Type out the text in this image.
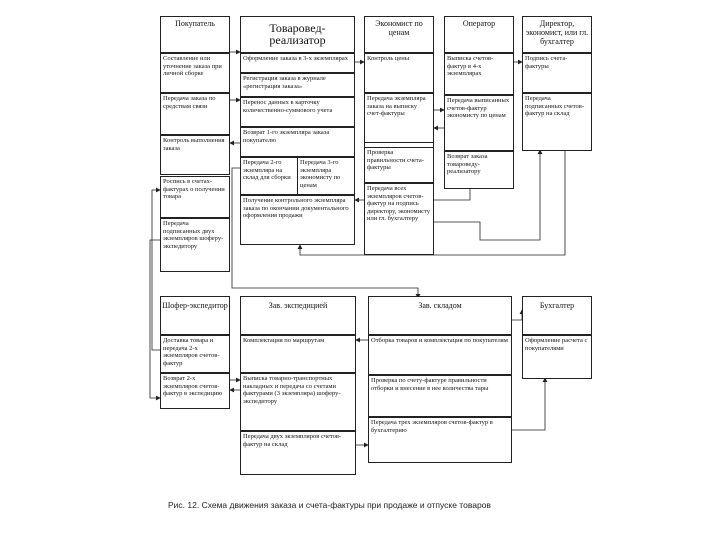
Покупатель
Составление или уточнение заказа при личной сборке
Передача заказа по средствам связи
Контроль выполнения заказа
Роспись в счетах-фактурах о получении товара
Передача подписанных двух экземпляров шоферу-экспедитору
Товаровед-реализатор
Оформление заказа в 3-х экземплярах
Регистрация заказа в журнале «регистрация заказа»
Перенос данных в карточку количественно-суммового учета
Возврат 1-го экземпляра заказа покупателю
Передача 2-го экземпляра на склад для сборки
Передача 3-го экземпляра экономисту по ценам
Получение контрольного экземпляра заказа по окончании документального оформления продажи
Экономист по ценам
Контроль цены
Передача экземпляра заказа на выписку счет-фактуры
Проверка правильности счета-фактуры
Передача всех экземпляров счетов-фактур на подпись директору, экономисту или гл. бухгалтеру
Оператор
Выписка счетов-фактур в 4-х экземплярах
Передача выписанных счетов-фактур экономисту по ценам
Возврат заказа товароведу-реализатору
Директор, экономист, или гл. бухгалтер
Подпись счета-фактуры
Передача подписанных счетов-фактур на склад
Шофер-экспедитор
Доставка товара и передача 2-х экземпляров счетов-фактур
Возврат 2-х экземпляров счетов-фактур в экспедицию
Зав. экспедицией
Комплектация по маршрутам
Выписка товарно-транспортных накладных и передача со счетами фактурами (3 экземпляра) шоферу-экспедитору
Передача двух экземпляров счетов-фактур на склад
Зав. складом
Отборка товаров и комплектация по покупателям
Проверка по счету-фактуре правильности отборки и внесение в нее количества тары
Передача трех экземпляров счетов-фактур в бухгалтерию
Бухгалтер
Оформление расчета с покупателями
Рис. 12. Схема движения заказа и счета-фактуры при продаже и отпуске товаров
